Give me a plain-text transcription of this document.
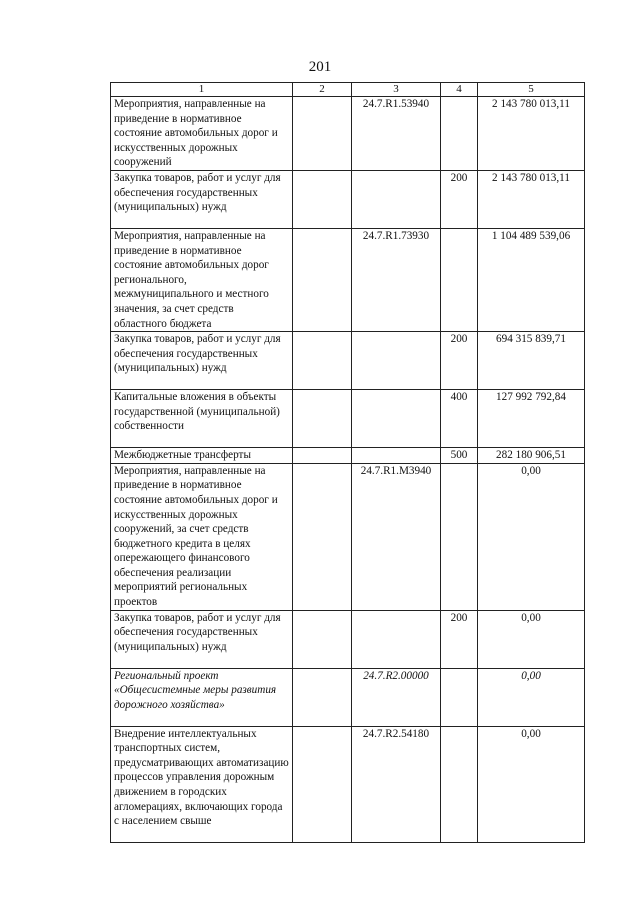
201
1	2	3	4	5
Мероприятия, направленные на приведение в нормативное состояние автомобильных дорог и искусственных дорожных сооружений		24.7.R1.53940		2 143 780 013,11
Закупка товаров, работ и услуг для обеспечения государственных (муниципальных) нужд			200	2 143 780 013,11
Мероприятия, направленные на приведение в нормативное состояние автомобильных дорог регионального, межмуниципального и местного значения, за счет средств областного бюджета		24.7.R1.73930		1 104 489 539,06
Закупка товаров, работ и услуг для обеспечения государственных (муниципальных) нужд			200	694 315 839,71
Капитальные вложения в объекты государственной (муниципальной) собственности			400	127 992 792,84
Межбюджетные трансферты			500	282 180 906,51
Мероприятия, направленные на приведение в нормативное состояние автомобильных дорог и искусственных дорожных сооружений, за счет средств бюджетного кредита в целях опережающего финансового обеспечения реализации мероприятий региональных проектов		24.7.R1.М3940		0,00
Закупка товаров, работ и услуг для обеспечения государственных (муниципальных) нужд			200	0,00
Региональный проект «Общесистемные меры развития дорожного хозяйства»		24.7.R2.00000		0,00
Внедрение интеллектуальных транспортных систем, предусматривающих автоматизацию процессов управления дорожным движением в городских агломерациях, включающих города с населением свыше		24.7.R2.54180		0,00
